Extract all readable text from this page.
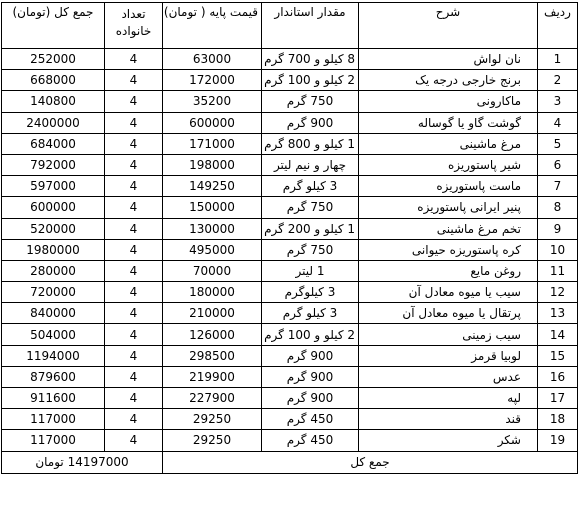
ردیف	شرح	مقدار استاندار	قیمت پایه ( تومان)	تعداد خانواده	جمع کل (تومان)
1	نان لواش	8 کیلو و 700 گرم	63000	4	252000
2	برنج خارجی درجه یک	2 کیلو و 100 گرم	172000	4	668000
3	ماکارونی	750 گرم	35200	4	140800
4	گوشت گاو یا گوساله	900 گرم	600000	4	2400000
5	مرغ ماشینی	1 کیلو و 800 گرم	171000	4	684000
6	شیر پاستوریزه	چهار و نیم لیتر	198000	4	792000
7	ماست پاستوریزه	3 کیلو گرم	149250	4	597000
8	پنیر ایرانی پاستوریزه	750 گرم	150000	4	600000
9	تخم مرغ ماشینی	1 کیلو و 200 گرم	130000	4	520000
10	کره پاستوریزه حیوانی	750 گرم	495000	4	1980000
11	روغن مایع	1 لیتر	70000	4	280000
12	سیب یا میوه معادل آن	3 کیلوگرم	180000	4	720000
13	پرتقال یا میوه معادل آن	3 کیلو گرم	210000	4	840000
14	سیب زمینی	2 کیلو و 100 گرم	126000	4	504000
15	لوبیا قرمز	900 گرم	298500	4	1194000
16	عدس	900 گرم	219900	4	879600
17	لپه	900 گرم	227900	4	911600
18	قند	450 گرم	29250	4	117000
19	شکر	450 گرم	29250	4	117000
جمع کل				14197000 تومان	
